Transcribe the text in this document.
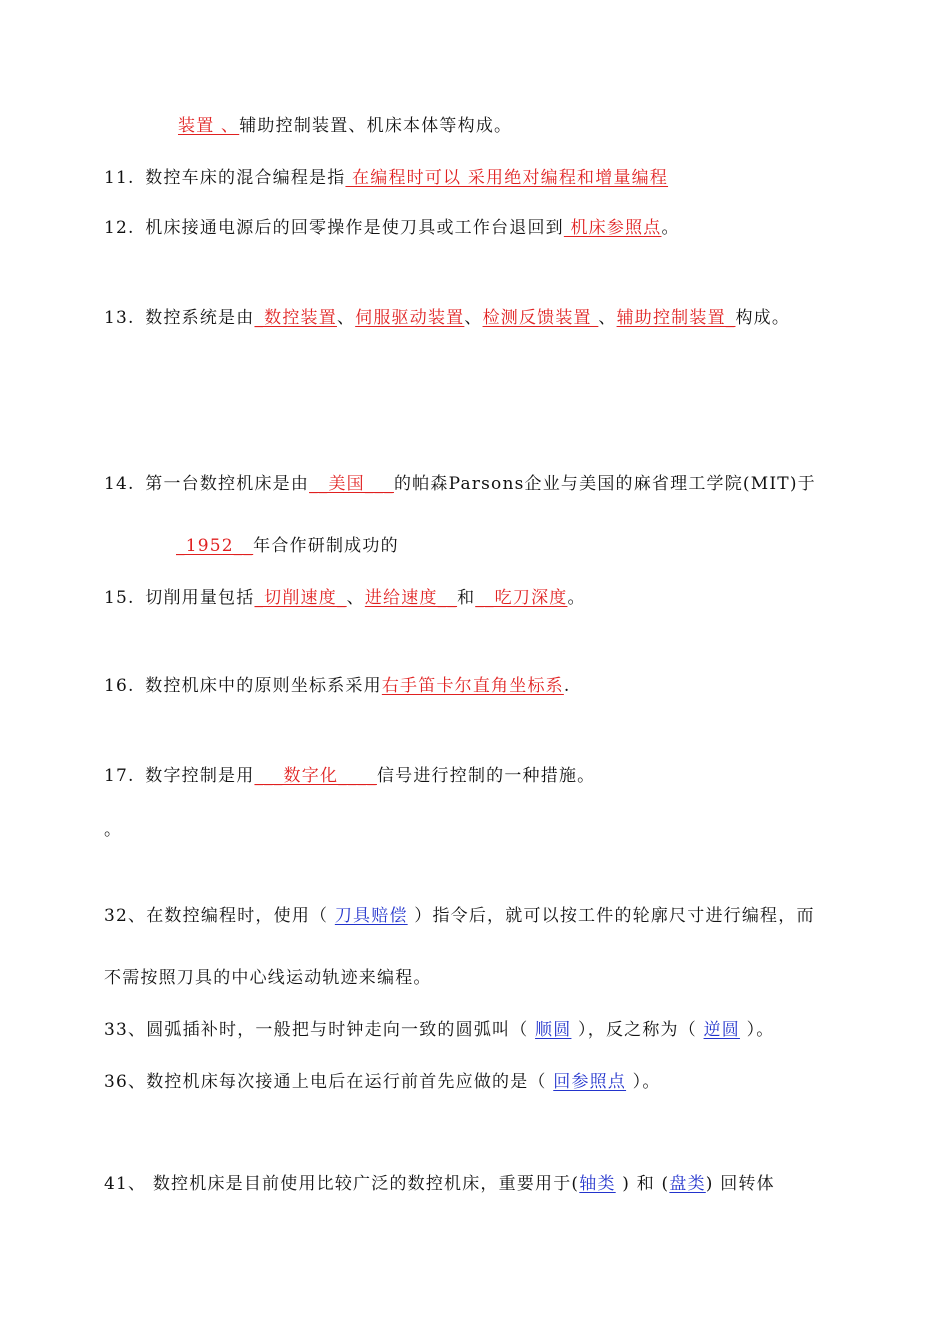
装置 、辅助控制装置、机床本体等构成。
11. 数控车床的混合编程是指 在编程时可以 采用绝对编程和增量编程
12. 机床接通电源后的回零操作是使刀具或工作台退回到 机床参照点。
13. 数控系统是由_数控装置、伺服驱动装置、检测反馈装置 、辅助控制装置_构成。
14. 第一台数控机床是由__美国___的帕森Parsons企业与美国的麻省理工学院(MIT)于
_1952__年合作研制成功的
15. 切削用量包括_切削速度_、进给速度__和__吃刀深度。
16. 数控机床中的原则坐标系采用右手笛卡尔直角坐标系.
17. 数字控制是用___数字化____信号进行控制的一种措施。
。
32、在数控编程时，使用（ 刀具赔偿 ）指令后，就可以按工件的轮廓尺寸进行编程，而
不需按照刀具的中心线运动轨迹来编程。
33、圆弧插补时，一般把与时钟走向一致的圆弧叫（ 顺圆 ），反之称为（ 逆圆 ）。
36、数控机床每次接通上电后在运行前首先应做的是（ 回参照点 ）。
41、 数控机床是目前使用比较广泛的数控机床，重要用于(轴类 ) 和 (盘类) 回转体
